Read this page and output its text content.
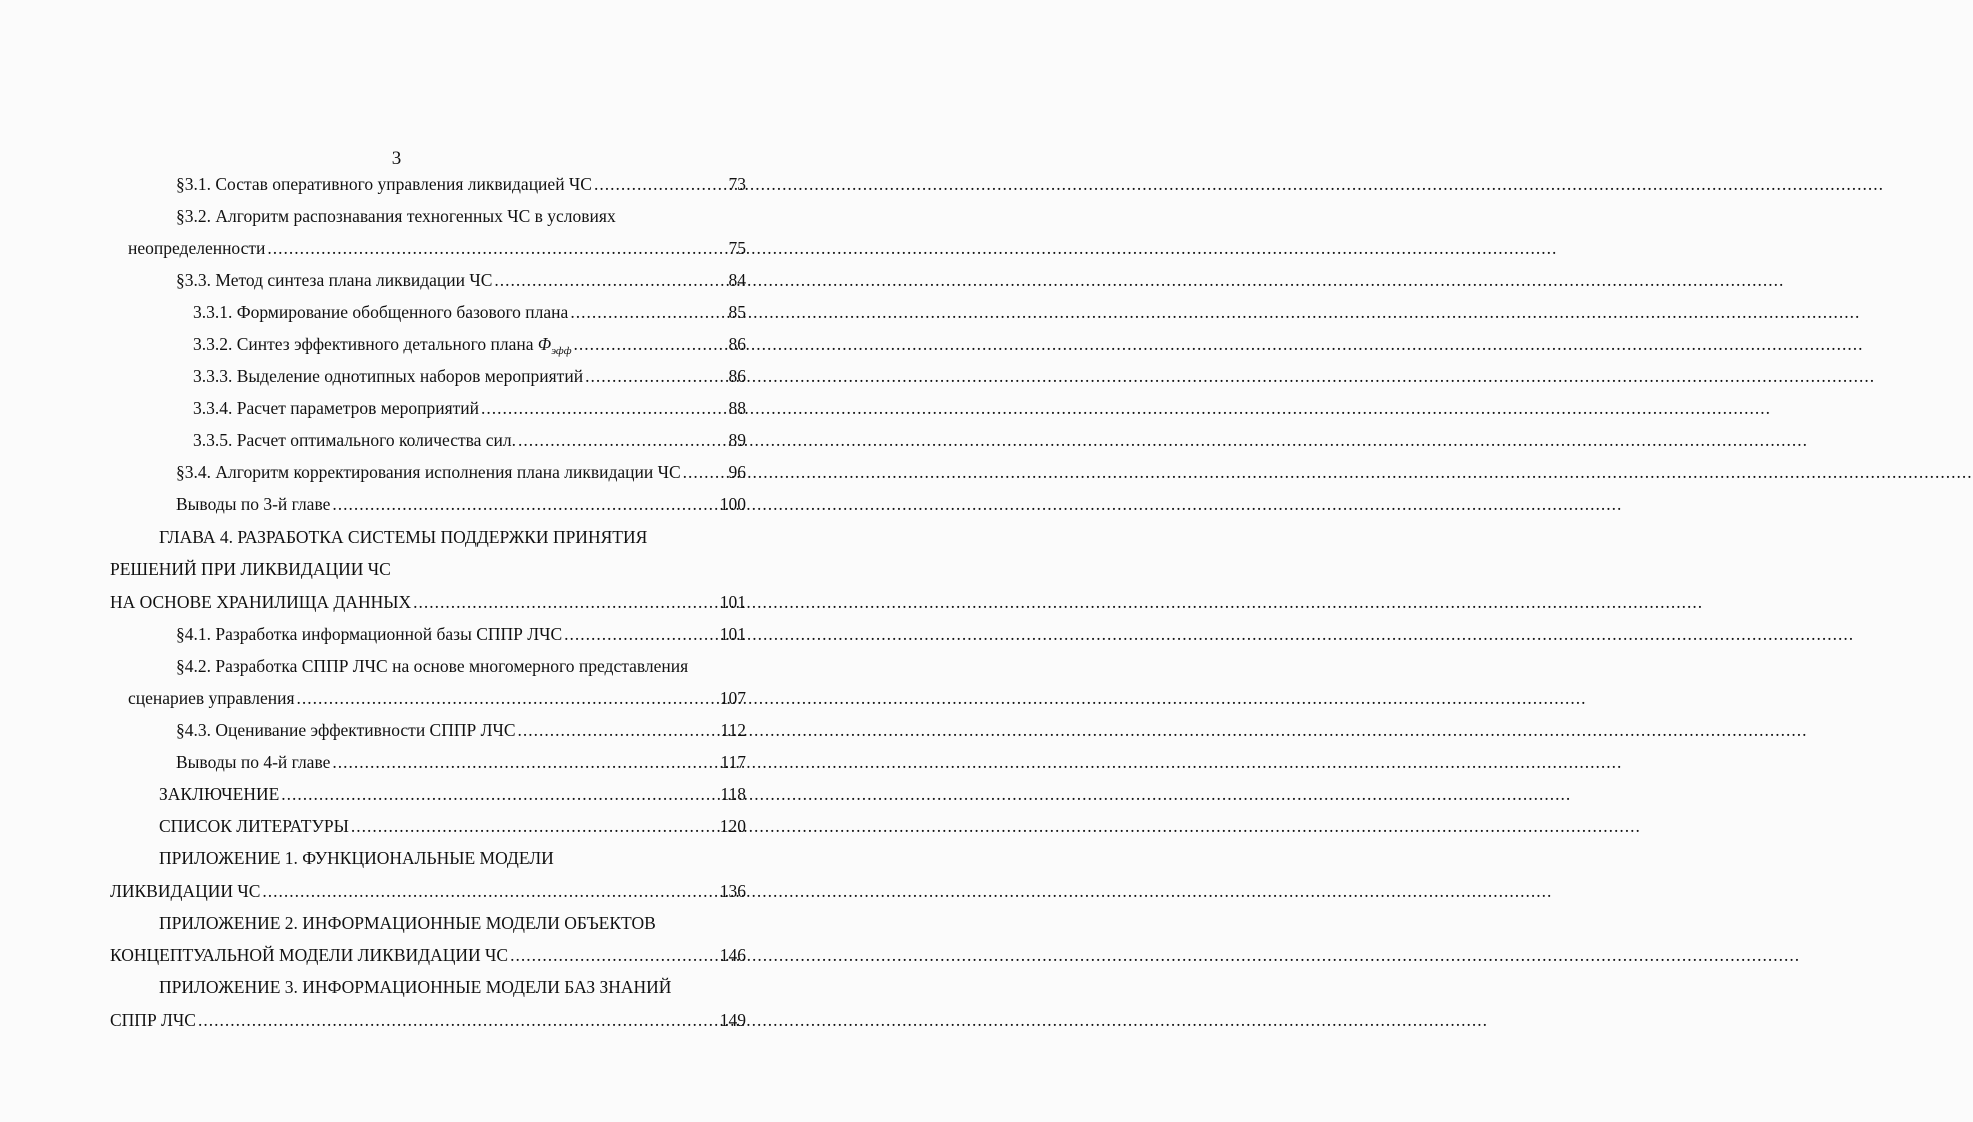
3
§3.1. Состав оперативного управления ликвидацией ЧС .....	73
§3.2. Алгоритм распознавания техногенных ЧС в условиях
неопределенности .....	75
§3.3. Метод синтеза плана ликвидации ЧС .....	84
3.3.1. Формирование обобщенного базового плана .....	85
3.3.2. Синтез эффективного детального плана $\Phi_{эфф}$ .....	86
3.3.3. Выделение однотипных наборов мероприятий .....	86
3.3.4. Расчет параметров мероприятий .....	88
3.3.5. Расчет оптимального количества сил. .....	89
§3.4. Алгоритм корректирования исполнения плана ликвидации ЧС .....	96
Выводы по 3-й главе .....	100
ГЛАВА 4. РАЗРАБОТКА СИСТЕМЫ ПОДДЕРЖКИ ПРИНЯТИЯ
РЕШЕНИЙ ПРИ ЛИКВИДАЦИИ ЧС
НА ОСНОВЕ ХРАНИЛИЩА ДАННЫХ .....	101
§4.1. Разработка информационной базы СППР ЛЧС .....	101
§4.2. Разработка СППР ЛЧС на основе многомерного представления
сценариев управления .....	107
§4.3. Оценивание эффективности СППР ЛЧС .....	112
Выводы по 4-й главе .....	117
ЗАКЛЮЧЕНИЕ .....	118
СПИСОК ЛИТЕРАТУРЫ .....	120
ПРИЛОЖЕНИЕ 1. ФУНКЦИОНАЛЬНЫЕ МОДЕЛИ
ЛИКВИДАЦИИ ЧС .....	136
ПРИЛОЖЕНИЕ 2. ИНФОРМАЦИОННЫЕ МОДЕЛИ ОБЪЕКТОВ
КОНЦЕПТУАЛЬНОЙ МОДЕЛИ ЛИКВИДАЦИИ ЧС .....	146
ПРИЛОЖЕНИЕ 3. ИНФОРМАЦИОННЫЕ МОДЕЛИ БАЗ ЗНАНИЙ
СППР ЛЧС .....	149
